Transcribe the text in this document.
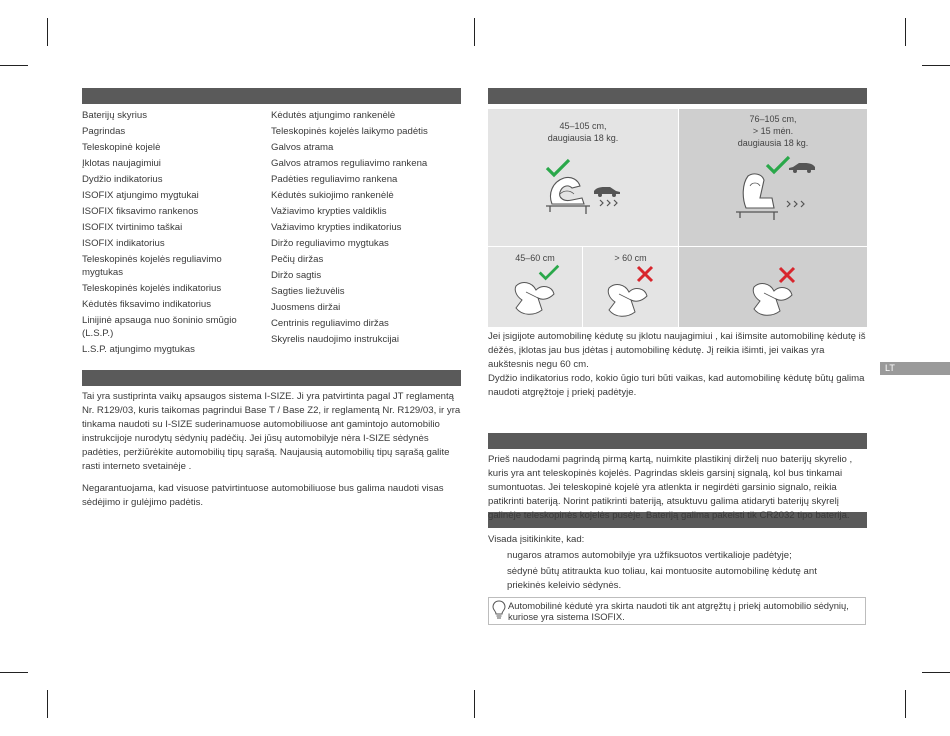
Baterijų skyrius
Pagrindas
Teleskopinė kojelė
Įklotas naujagimiui
Dydžio indikatorius
ISOFIX atjungimo mygtukai
ISOFIX fiksavimo rankenos
ISOFIX tvirtinimo taškai
ISOFIX indikatorius
Teleskopinės kojelės reguliavimo mygtukas
Teleskopinės kojelės indikatorius
Kėdutės fiksavimo indikatorius
Linijinė apsauga nuo šoninio smūgio (L.S.P.)
L.S.P. atjungimo mygtukas
Kėdutės atjungimo rankenėlė
Teleskopinės kojelės laikymo padėtis
Galvos atrama
Galvos atramos reguliavimo rankena
Padėties reguliavimo rankena
Kėdutės sukiojimo rankenėlė
Važiavimo krypties valdiklis
Važiavimo krypties indikatorius
Diržo reguliavimo mygtukas
Pečių diržas
Diržo sagtis
Sagties liežuvėlis
Juosmens diržai
Centrinis reguliavimo diržas
Skyrelis naudojimo instrukcijai
Tai yra sustiprinta vaikų apsaugos sistema I-SIZE. Ji yra patvirtinta pagal JT reglamentą Nr. R129/03, kuris taikomas pagrindui Base T / Base Z2, ir reglamentą Nr. R129/03, ir yra tinkama naudoti su I-SIZE suderinamuose automobiliuose ant gamintojo automobilio instrukcijoje nurodytų sėdynių padėčių. Jei jūsų automobilyje nėra I-SIZE sėdynės padėties, peržiūrėkite automobilių tipų sąrašą. Naujausią automobilių tipų sąrašą galite rasti interneto svetainėje .
Negarantuojama, kad visuose patvirtintuose automobiliuose bus galima naudoti visas sėdėjimo ir gulėjimo padėtis.
45–105 cm,
daugiausia 18 kg.
76–105 cm,
> 15 mėn.
daugiausia 18 kg.
45–60 cm	> 60 cm
Jei įsigijote automobilinę kėdutę su įklotu naujagimiui , kai išimsite automobilinę kėdutę iš dėžės, įklotas jau bus įdėtas į automobilinę kėdutę. Jį reikia išimti, jei vaikas yra aukštesnis negu 60 cm.
Dydžio indikatorius rodo, kokio ūgio turi būti vaikas, kad automobilinę kėdutę būtų galima naudoti atgręžtoje į priekį padėtyje.
LT
Prieš naudodami pagrindą pirmą kartą, nuimkite plastikinį dirželį nuo baterijų skyrelio , kuris yra ant teleskopinės kojelės. Pagrindas skleis garsinį signalą, kol bus tinkamai sumontuotas. Jei teleskopinė kojelė yra atlenkta ir negirdėti garsinio signalo, reikia patikrinti bateriją. Norint patikrinti bateriją, atsuktuvu galima atidaryti baterijų skyrelį galinėje teleskopinės kojelės pusėje. Bateriją galima pakeisti tik CR2032 tipo baterija.
Visada įsitikinkite, kad:
nugaros atramos automobilyje yra užfiksuotos vertikalioje padėtyje;
sėdynė būtų atitraukta kuo toliau, kai montuosite automobilinę kėdutę ant priekinės keleivio sėdynės.
Automobilinė kėdutė yra skirta naudoti tik ant atgręžtų į priekį automobilio sėdynių, kuriose yra sistema ISOFIX.
